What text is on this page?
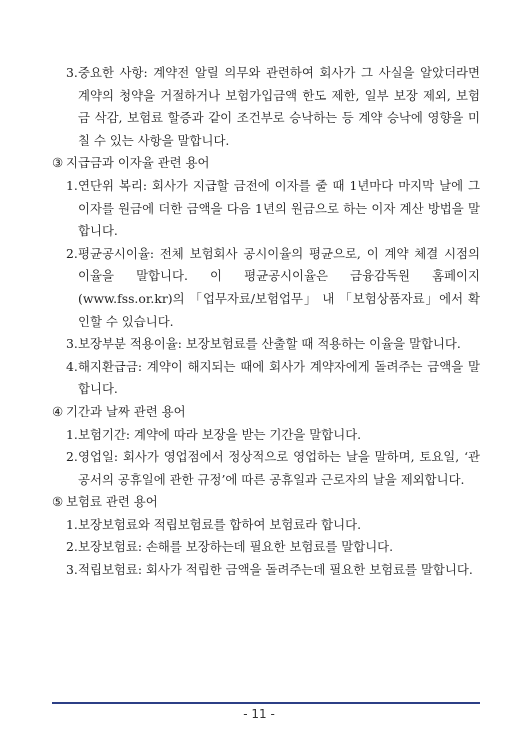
3. 중요한 사항: 계약전 알릴 의무와 관련하여 회사가 그 사실을 알았더라면 계약의 청약을 거절하거나 보험가입금액 한도 제한, 일부 보장 제외, 보험금 삭감, 보험료 할증과 같이 조건부로 승낙하는 등 계약 승낙에 영향을 미칠 수 있는 사항을 말합니다.
③ 지급금과 이자율 관련 용어
1. 연단위 복리: 회사가 지급할 금전에 이자를 줄 때 1년마다 마지막 날에 그 이자를 원금에 더한 금액을 다음 1년의 원금으로 하는 이자 계산 방법을 말합니다.
2. 평균공시이율: 전체 보험회사 공시이율의 평균으로, 이 계약 체결 시점의 이율을 말합니다. 이 평균공시이율은 금융감독원 홈페이지(www.fss.or.kr)의 「업무자료/보험업무」 내 「보험상품자료」에서 확인할 수 있습니다.
3. 보장부분 적용이율: 보장보험료를 산출할 때 적용하는 이율을 말합니다.
4. 해지환급금: 계약이 해지되는 때에 회사가 계약자에게 돌려주는 금액을 말합니다.
④ 기간과 날짜 관련 용어
1. 보험기간: 계약에 따라 보장을 받는 기간을 말합니다.
2. 영업일: 회사가 영업점에서 정상적으로 영업하는 날을 말하며, 토요일, ‘관공서의 공휴일에 관한 규정’에 따른 공휴일과 근로자의 날을 제외합니다.
⑤ 보험료 관련 용어
1. 보장보험료와 적립보험료를 합하여 보험료라 합니다.
2. 보장보험료: 손해를 보장하는데 필요한 보험료를 말합니다.
3. 적립보험료: 회사가 적립한 금액을 돌려주는데 필요한 보험료를 말합니다.
- 11 -
